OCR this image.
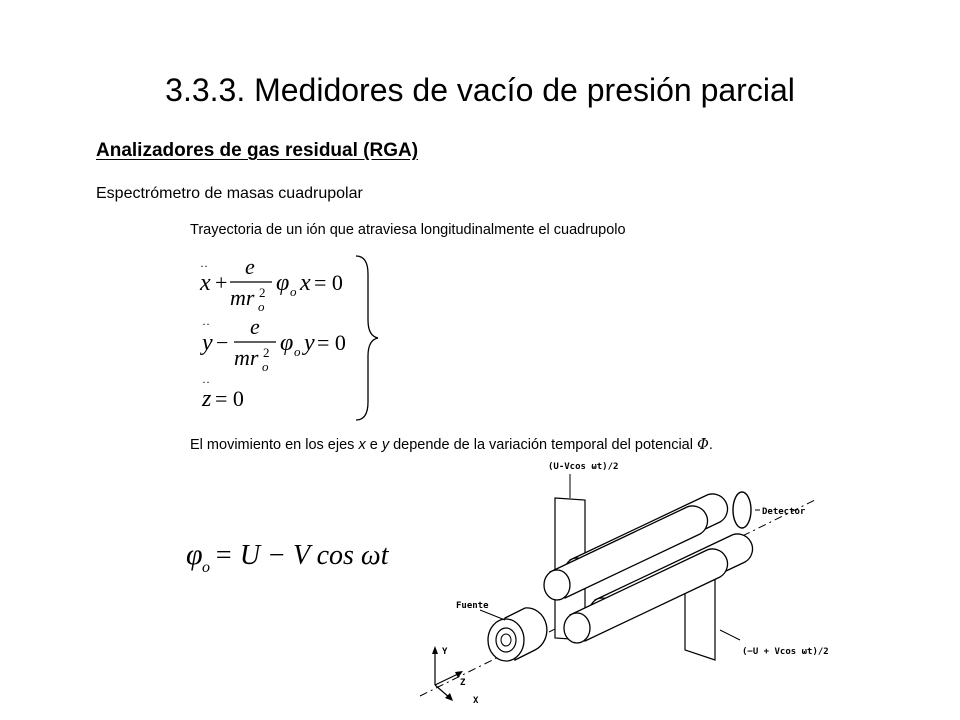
3.3.3. Medidores de vacío de presión parcial
Analizadores de gas residual (RGA)
Espectrómetro de masas cuadrupolar
Trayectoria de un ión que atraviesa longitudinalmente el cuadrupolo
··
x +
e
mr o
2 φ o x = 0
··
y −
e
mr o
2 φ o y = 0
··
z = 0
El movimiento en los ejes x e y depende de la variación temporal del potencial Φ.
φ o = U − V cos ωt
(U-Vcos ωt)/2
Detector
Fuente
(−U + Vcos ωt)/2
Y
Z
X
